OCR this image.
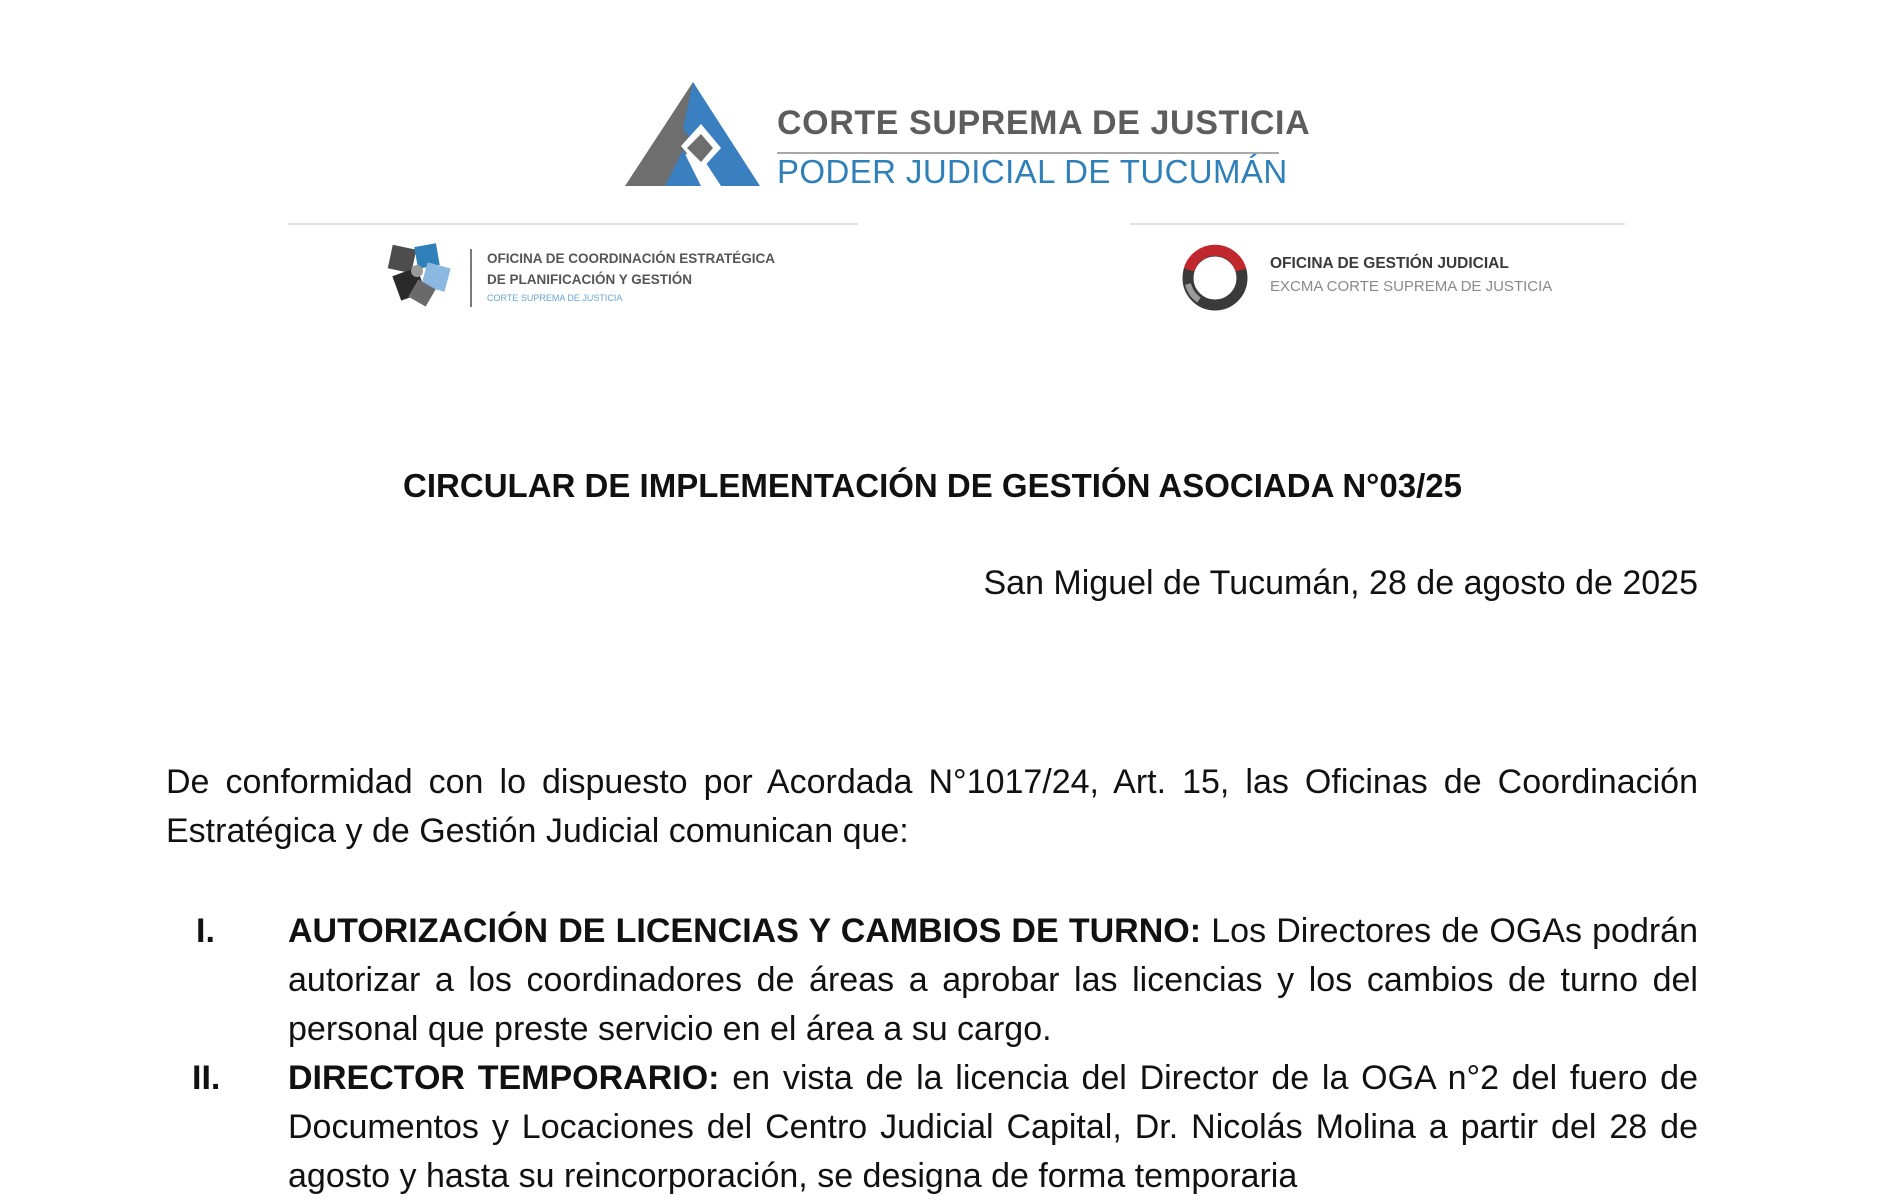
CORTE SUPREMA DE JUSTICIA
PODER JUDICIAL DE TUCUMÁN
OFICINA DE COORDINACIÓN ESTRATÉGICA
DE PLANIFICACIÓN Y GESTIÓN
CORTE SUPREMA DE JUSTICIA
OFICINA DE GESTIÓN JUDICIAL
EXCMA CORTE SUPREMA DE JUSTICIA
CIRCULAR DE IMPLEMENTACIÓN DE GESTIÓN ASOCIADA N°03/25

San Miguel de Tucumán, 28 de agosto de 2025

De conformidad con lo dispuesto por Acordada N°1017/24, Art. 15, las Oficinas de Coordinación Estratégica y de Gestión Judicial comunican que:

I. AUTORIZACIÓN DE LICENCIAS Y CAMBIOS DE TURNO: Los Directores de OGAs podrán autorizar a los coordinadores de áreas a aprobar las licencias y los cambios de turno del personal que preste servicio en el área a su cargo.
II. DIRECTOR TEMPORARIO: en vista de la licencia del Director de la OGA n°2 del fuero de Documentos y Locaciones del Centro Judicial Capital, Dr. Nicolás Molina a partir del 28 de agosto y hasta su reincorporación, se designa de forma temporaria
